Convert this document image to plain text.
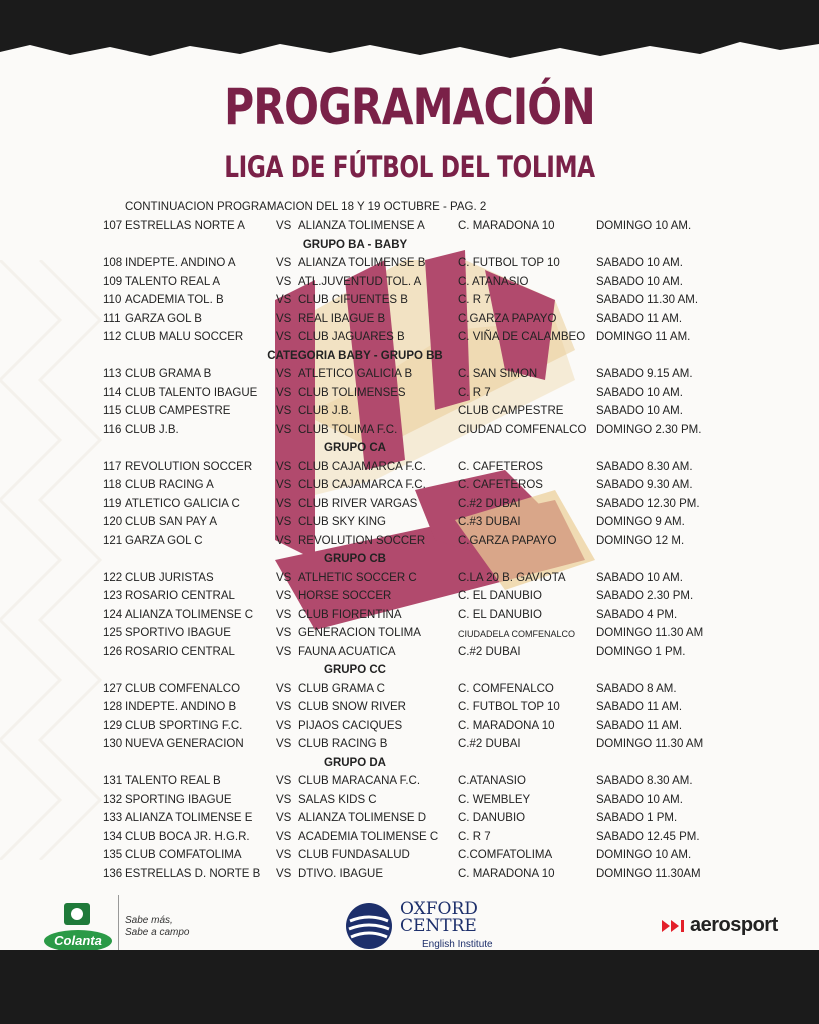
PROGRAMACIÓN
LIGA DE FÚTBOL DEL TOLIMA
CONTINUACION PROGRAMACION DEL 18 Y 19 OCTUBRE - PAG. 2
107 ESTRELLAS NORTE A	VS ALIANZA TOLIMENSE A	C. MARADONA 10	DOMINGO 10 AM.
GRUPO BA - BABY
108 INDEPTE. ANDINO A	VS ALIANZA TOLIMENSE B	C. FUTBOL TOP 10	SABADO 10 AM.
109 TALENTO REAL A	VS ATL.JUVENTUD TOL. A	C. ATANASIO	SABADO 10 AM.
110 ACADEMIA TOL. B	VS CLUB CIFUENTES B	C. R 7	SABADO 11.30 AM.
111 GARZA GOL B	VS REAL IBAGUE B	C.GARZA PAPAYO	SABADO 11 AM.
112 CLUB MALU SOCCER	VS CLUB JAGUARES B	C. VIÑA DE CALAMBEO DOMINGO 11 AM.
CATEGORIA BABY - GRUPO BB
113 CLUB GRAMA B	VS ATLETICO GALICIA B	C. SAN SIMON	SABADO 9.15 AM.
114 CLUB TALENTO IBAGUE VS CLUB TOLIMENSES	C. R 7	SABADO 10 AM.
115 CLUB CAMPESTRE	VS CLUB J.B.	CLUB CAMPESTRE	SABADO 10 AM.
116 CLUB J.B.	VS CLUB TOLIMA F.C.	CIUDAD COMFENALCO DOMINGO 2.30 PM.
GRUPO CA
117 REVOLUTION SOCCER VS CLUB CAJAMARCA F.C.	C. CAFETEROS	SABADO 8.30 AM.
118 CLUB RACING A	VS CLUB CAJAMARCA F.C.	C. CAFETEROS	SABADO 9.30 AM.
119 ATLETICO GALICIA C	VS CLUB RIVER VARGAS	C.#2 DUBAI	SABADO 12.30 PM.
120 CLUB SAN PAY A	VS CLUB SKY KING	C.#3 DUBAI	DOMINGO 9 AM.
121 GARZA GOL C	VS REVOLUTION SOCCER	C.GARZA PAPAYO	DOMINGO 12 M.
GRUPO CB
122 CLUB JURISTAS	VS ATLHETIC SOCCER C	C.LA 20 B. GAVIOTA	SABADO 10 AM.
123 ROSARIO CENTRAL	VS HORSE SOCCER	C. EL DANUBIO	SABADO 2.30 PM.
124 ALIANZA TOLIMENSE C VS CLUB FIORENTINA	C. EL DANUBIO	SABADO 4 PM.
125 SPORTIVO IBAGUE	VS GENERACION TOLIMA	CIUDADELA COMFENALCO DOMINGO 11.30 AM
126 ROSARIO CENTRAL	VS FAUNA ACUATICA	C.#2 DUBAI	DOMINGO 1 PM.
GRUPO CC
127 CLUB COMFENALCO	VS CLUB GRAMA C	C. COMFENALCO	SABADO 8 AM.
128 INDEPTE. ANDINO B	VS CLUB SNOW RIVER	C. FUTBOL TOP 10	SABADO 11 AM.
129 CLUB SPORTING F.C.	VS PIJAOS CACIQUES	C. MARADONA 10	SABADO 11 AM.
130 NUEVA GENERACION	VS CLUB RACING B	C.#2 DUBAI	DOMINGO 11.30 AM
GRUPO DA
131 TALENTO REAL B	VS CLUB MARACANA F.C.	C.ATANASIO	SABADO 8.30 AM.
132 SPORTING IBAGUE	VS SALAS KIDS C	C. WEMBLEY	SABADO 10 AM.
133 ALIANZA TOLIMENSE E VS ALIANZA TOLIMENSE D	C. DANUBIO	SABADO 1 PM.
134 CLUB BOCA JR. H.G.R. VS ACADEMIA TOLIMENSE C C. R 7	SABADO 12.45 PM.
135 CLUB COMFATOLIMA	VS CLUB FUNDASALUD	C.COMFATOLIMA	DOMINGO 10 AM.
136 ESTRELLAS D. NORTE B VS DTIVO. IBAGUE	C. MARADONA 10	DOMINGO 11.30AM
Colanta
Sabe más,
Sabe a campo
OXFORD
CENTRE
English Institute
aerosport
